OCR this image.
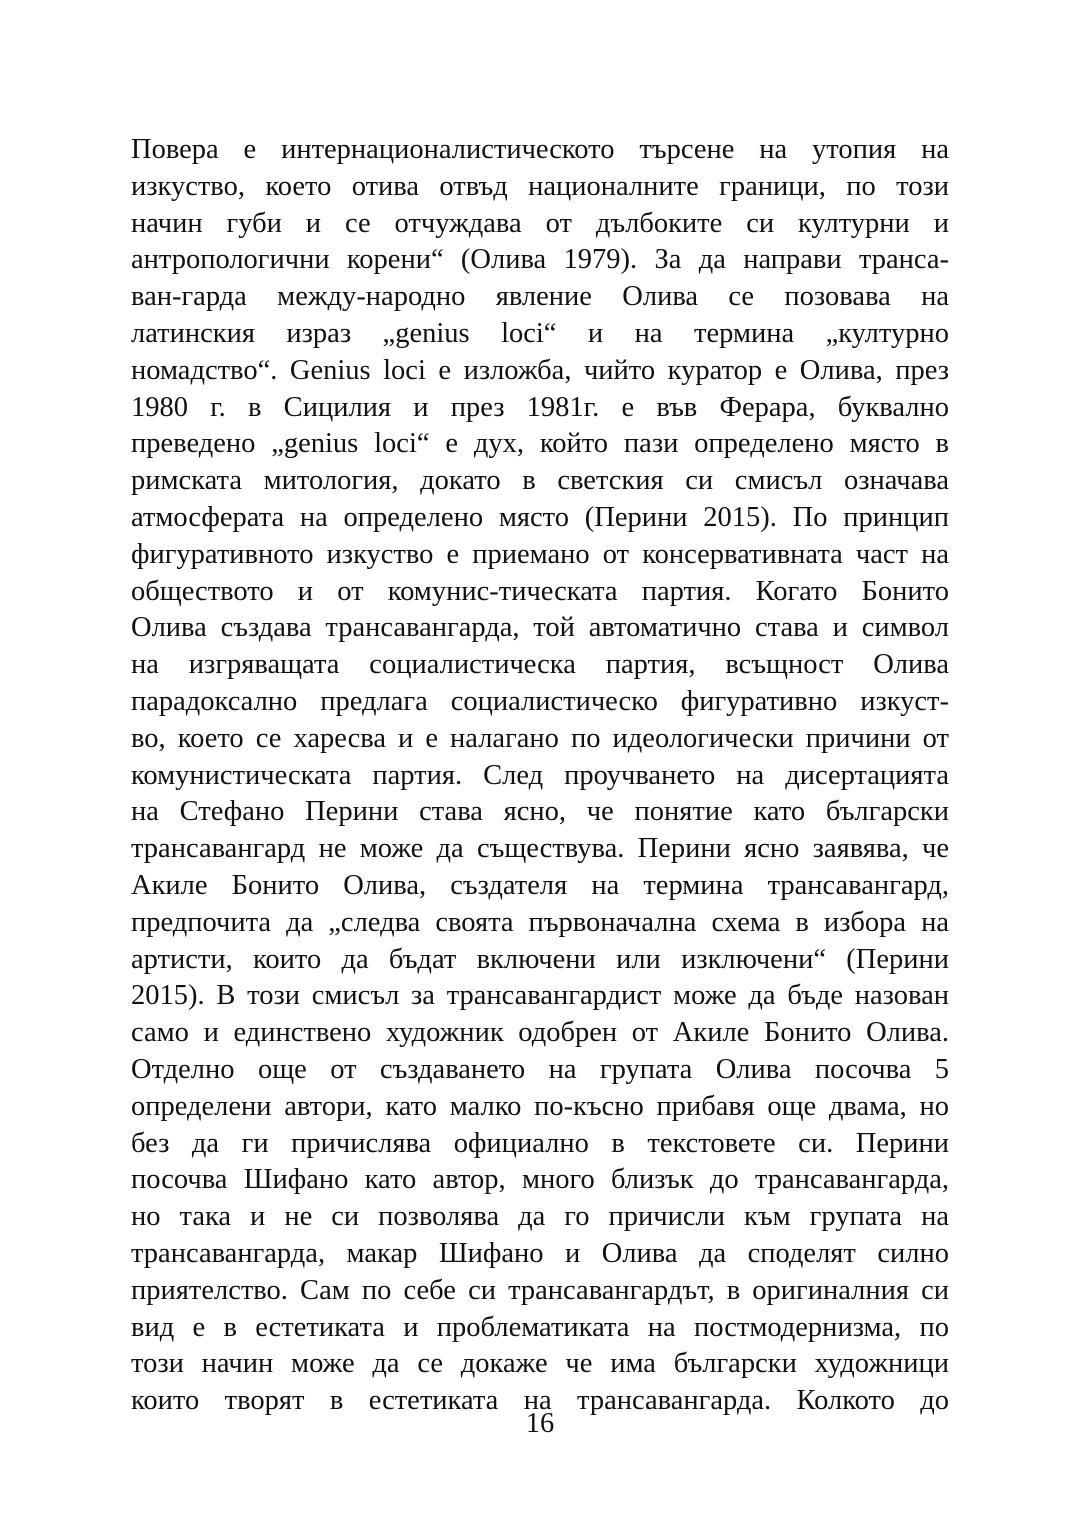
Повера е интернационалистическото търсене на утопия на
изкуство, което отива отвъд националните граници, по този
начин губи и се отчуждава от дълбоките си културни и
антропологични корени“ (Олива 1979). За да направи транса-
ван-гарда между-народно явление Олива се позовава на
латинския израз „genius loci“ и на термина „културно
номадство“. Genius loci е изложба, чийто куратор е Олива, през
1980 г. в Сицилия и през 1981г. е във Ферара, буквално
преведено „genius loci“ е дух, който пази определено място в
римската митология, докато в светския си смисъл означава
атмосферата на определено място (Перини 2015). По принцип
фигуративното изкуство е приемано от консервативната част на
обществото и от комунис-тическата партия. Когато Бонито
Олива създава трансавангарда, той автоматично става и символ
на изгряващата социалистическа партия, всъщност Олива
парадоксално предлага социалистическо фигуративно изкуст-
во, което се харесва и е налагано по идеологически причини от
комунистическата партия. След проучването на дисертацията
на Стефано Перини става ясно, че понятие като български
трансавангард не може да съществува. Перини ясно заявява, че
Акиле Бонито Олива, създателя на термина трансавангард,
предпочита да „следва своята първоначална схема в избора на
артисти, които да бъдат включени или изключени“ (Перини
2015). В този смисъл за трансавангардист може да бъде назован
само и единствено художник одобрен от Акиле Бонито Олива.
Отделно още от създаването на групата Олива посочва 5
определени автори, като малко по-късно прибавя още двама, но
без да ги причислява официално в текстовете си. Перини
посочва Шифано като автор, много близък до трансавангарда,
но така и не си позволява да го причисли към групата на
трансавангарда, макар Шифано и Олива да споделят силно
приятелство. Сам по себе си трансавангардът, в оригиналния си
вид е в естетиката и проблематиката на постмодернизма, по
този начин може да се докаже че има български художници
които творят в естетиката на трансавангарда. Колкото до
16
